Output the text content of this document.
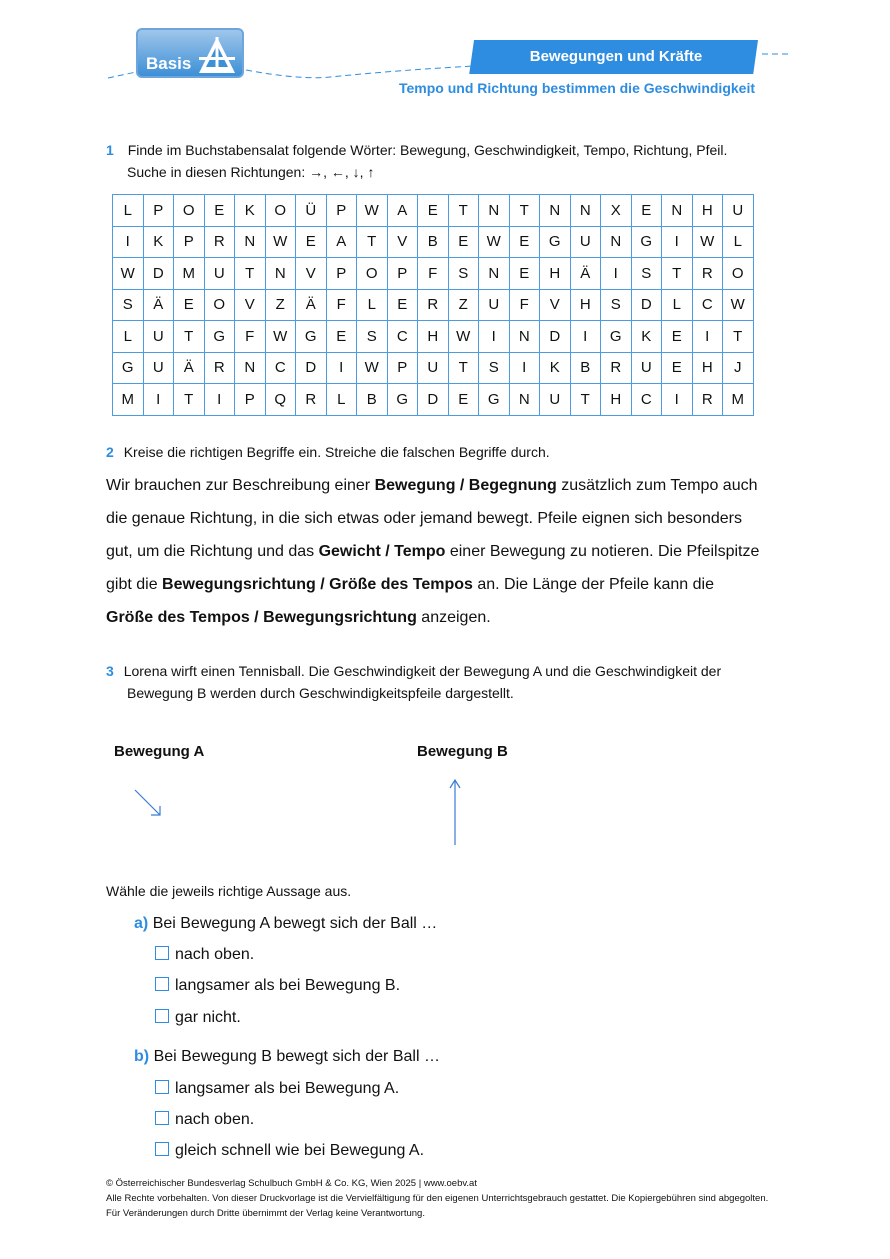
Basis	Bewegungen und Kräfte
Tempo und Richtung bestimmen die Geschwindigkeit
1 Finde im Buchstabensalat folgende Wörter: Bewegung, Geschwindigkeit, Tempo, Richtung, Pfeil.
Suche in diesen Richtungen: →, ←, ↓, ↑
L	P	O	E	K	O	Ü	P	W	A	E	T	N	T	N	N	X	E	N	H	U
I	K	P	R	N	W	E	A	T	V	B	E	W	E	G	U	N	G	I	W	L
W	D	M	U	T	N	V	P	O	P	F	S	N	E	H	Ä	I	S	T	R	O
S	Ä	E	O	V	Z	Ä	F	L	E	R	Z	U	F	V	H	S	D	L	C	W
L	U	T	G	F	W	G	E	S	C	H	W	I	N	D	I	G	K	E	I	T
G	U	Ä	R	N	C	D	I	W	P	U	T	S	I	K	B	R	U	E	H	J
M	I	T	I	P	Q	R	L	B	G	D	E	G	N	U	T	H	C	I	R	M
2 Kreise die richtigen Begriffe ein. Streiche die falschen Begriffe durch.
Wir brauchen zur Beschreibung einer Bewegung / Begegnung zusätzlich zum Tempo auch
die genaue Richtung, in die sich etwas oder jemand bewegt. Pfeile eignen sich besonders
gut, um die Richtung und das Gewicht / Tempo einer Bewegung zu notieren. Die Pfeilspitze
gibt die Bewegungsrichtung / Größe des Tempos an. Die Länge der Pfeile kann die
Größe des Tempos / Bewegungsrichtung anzeigen.
3 Lorena wirft einen Tennisball. Die Geschwindigkeit der Bewegung A und die Geschwindigkeit der
Bewegung B werden durch Geschwindigkeitspfeile dargestellt.
Bewegung A	Bewegung B
Wähle die jeweils richtige Aussage aus.
a) Bei Bewegung A bewegt sich der Ball …
nach oben.
langsamer als bei Bewegung B.
gar nicht.
b) Bei Bewegung B bewegt sich der Ball …
langsamer als bei Bewegung A.
nach oben.
gleich schnell wie bei Bewegung A.
© Österreichischer Bundesverlag Schulbuch GmbH & Co. KG, Wien 2025 | www.oebv.at
Alle Rechte vorbehalten. Von dieser Druckvorlage ist die Vervielfältigung für den eigenen Unterrichtsgebrauch gestattet. Die Kopiergebühren sind abgegolten.
Für Veränderungen durch Dritte übernimmt der Verlag keine Verantwortung.
